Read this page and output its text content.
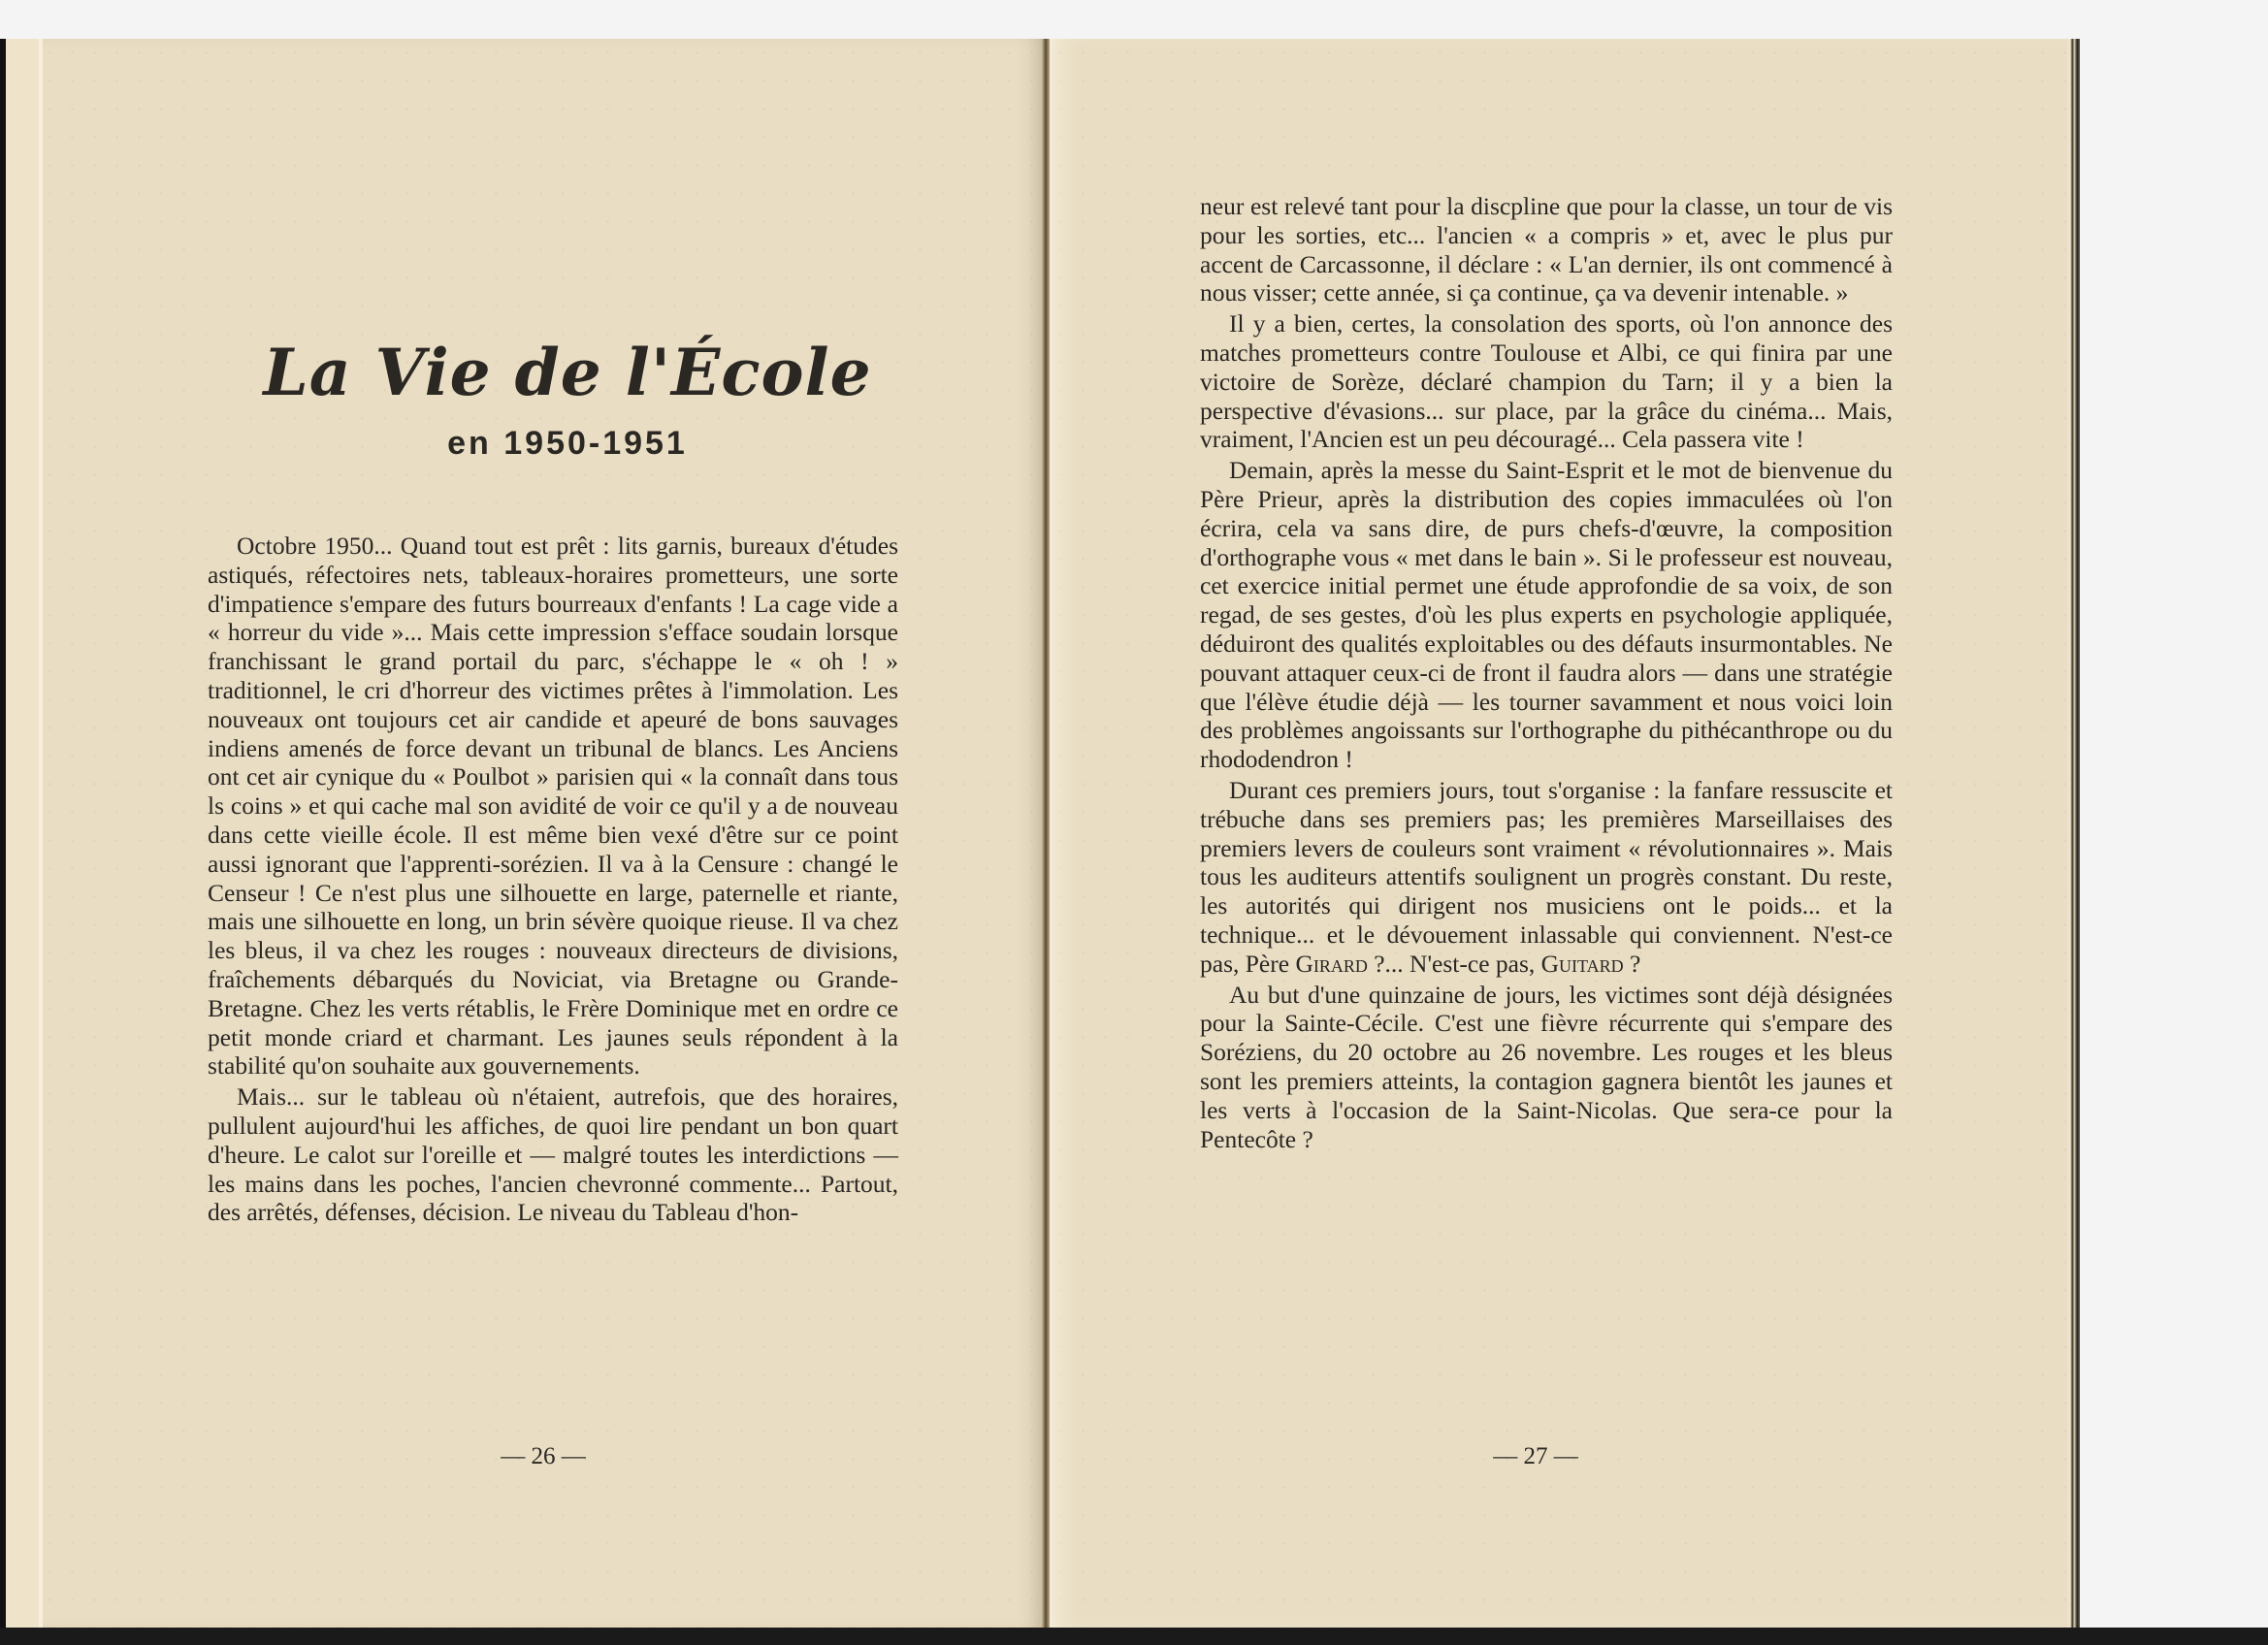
La Vie de l'École
en 1950-1951

Octobre 1950... Quand tout est prêt : lits garnis, bureaux d'études astiqués, réfectoires nets, tableaux-horaires prometteurs, une sorte d'impatience s'empare des futurs bourreaux d'enfants ! La cage vide a « horreur du vide »... Mais cette impression s'efface soudain lorsque franchissant le grand portail du parc, s'échappe le « oh ! » traditionnel, le cri d'horreur des victimes prêtes à l'immolation. Les nouveaux ont toujours cet air candide et apeuré de bons sauvages indiens amenés de force devant un tribunal de blancs. Les Anciens ont cet air cynique du « Poulbot » parisien qui « la connaît dans tous ls coins » et qui cache mal son avidité de voir ce qu'il y a de nouveau dans cette vieille école. Il est même bien vexé d'être sur ce point aussi ignorant que l'apprenti-sorézien. Il va à la Censure : changé le Censeur ! Ce n'est plus une silhouette en large, paternelle et riante, mais une silhouette en long, un brin sévère quoique rieuse. Il va chez les bleus, il va chez les rouges : nouveaux directeurs de divisions, fraîchements débarqués du Noviciat, via Bretagne ou Grande-Bretagne. Chez les verts rétablis, le Frère Dominique met en ordre ce petit monde criard et charmant. Les jaunes seuls répondent à la stabilité qu'on souhaite aux gouvernements.

Mais... sur le tableau où n'étaient, autrefois, que des horaires, pullulent aujourd'hui les affiches, de quoi lire pendant un bon quart d'heure. Le calot sur l'oreille et — malgré toutes les interdictions — les mains dans les poches, l'ancien chevronné commente... Partout, des arrêtés, défenses, décision. Le niveau du Tableau d'hon-

neur est relevé tant pour la discpline que pour la classe, un tour de vis pour les sorties, etc... l'ancien « a compris » et, avec le plus pur accent de Carcassonne, il déclare : « L'an dernier, ils ont commencé à nous visser; cette année, si ça continue, ça va devenir intenable. »

Il y a bien, certes, la consolation des sports, où l'on annonce des matches prometteurs contre Toulouse et Albi, ce qui finira par une victoire de Sorèze, déclaré champion du Tarn; il y a bien la perspective d'évasions... sur place, par la grâce du cinéma... Mais, vraiment, l'Ancien est un peu découragé... Cela passera vite !

Demain, après la messe du Saint-Esprit et le mot de bienvenue du Père Prieur, après la distribution des copies immaculées où l'on écrira, cela va sans dire, de purs chefs-d'œuvre, la composition d'orthographe vous « met dans le bain ». Si le professeur est nouveau, cet exercice initial permet une étude approfondie de sa voix, de son regad, de ses gestes, d'où les plus experts en psychologie appliquée, déduiront des qualités exploitables ou des défauts insurmontables. Ne pouvant attaquer ceux-ci de front il faudra alors — dans une stratégie que l'élève étudie déjà — les tourner savamment et nous voici loin des problèmes angoissants sur l'orthographe du pithécanthrope ou du rhododendron !

Durant ces premiers jours, tout s'organise : la fanfare ressuscite et trébuche dans ses premiers pas; les premières Marseillaises des premiers levers de couleurs sont vraiment « révolutionnaires ». Mais tous les auditeurs attentifs soulignent un progrès constant. Du reste, les autorités qui dirigent nos musiciens ont le poids... et la technique... et le dévouement inlassable qui conviennent. N'est-ce pas, Père Girard ?... N'est-ce pas, Guitard ?

Au but d'une quinzaine de jours, les victimes sont déjà désignées pour la Sainte-Cécile. C'est une fièvre récurrente qui s'empare des Soréziens, du 20 octobre au 26 novembre. Les rouges et les bleus sont les premiers atteints, la contagion gagnera bientôt les jaunes et les verts à l'occasion de la Saint-Nicolas. Que sera-ce pour la Pentecôte ?

— 26 —	— 27 —
